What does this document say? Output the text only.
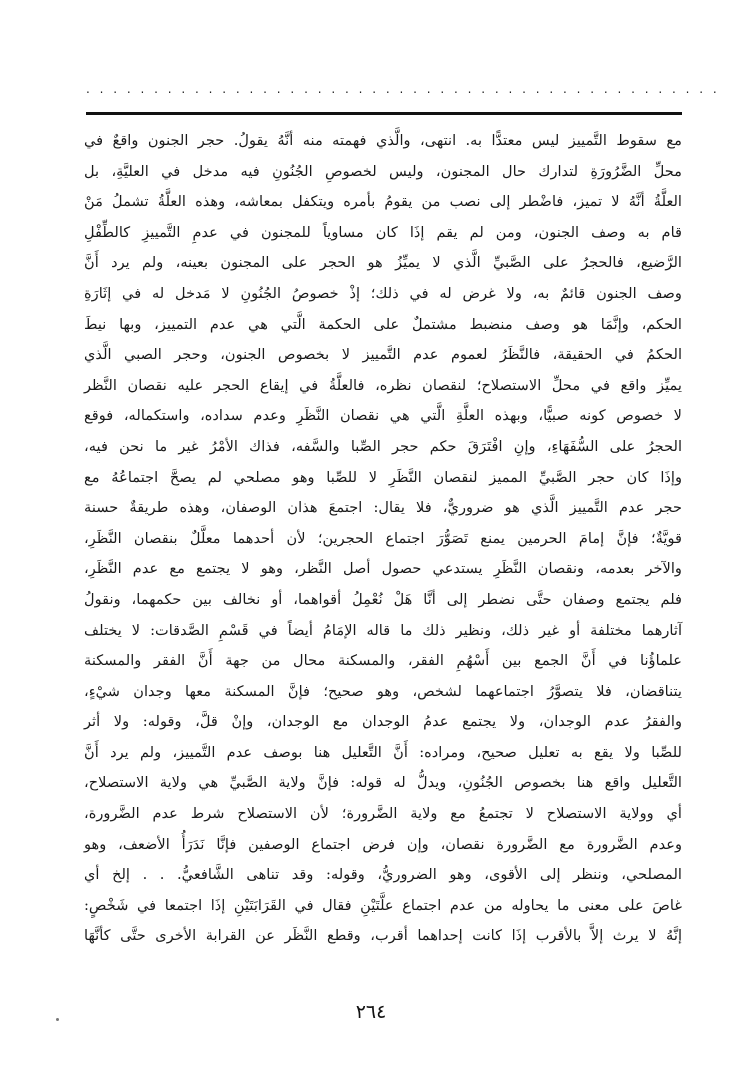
. . . . . . . . . . . . . . . . . . . . . . . . . . . . . . . . . . . . . . . . . . . . . . .
مع سقوط التَّمييز ليس معتدًّا به. انتهى، والَّذي فهمته منه أنَّهُ يقولُ. حجر الجنون واقعٌ في
محلِّ الضَّرُورَةِ لتدارك حال المجنون، وليس لخصوصِ الجُنُونِ فيه مدخل في العليَّةِ، بل
العلَّةُ أنَّهُ لا تميز، فاضْطر إلى نصب من يقومُ بأمره ويتكفل بمعاشه، وهذه العلَّةُ تشملُ مَنْ
قام به وصف الجنون، ومن لم يقم إذَا كان مساوياً للمجنون في عدمِ التَّمييزِ كالطِّفْلِ
الرَّضيع، فالحجرُ على الصَّبيِّ الَّذي لا يميِّزُ هو الحجر على المجنون بعينه، ولم يرد أَنَّ
وصف الجنون قائمٌ به، ولا غرض له في ذلك؛ إذْ خصوصُ الجُنُونِ لا مَدخل له في إثَارَةِ
الحكم، وإنَّمَا هو وصف منضبط مشتملٌ على الحكمة الَّتي هي عدم التمييز، وبها نيطَ
الحكمُ في الحقيقة، فالنَّظَرُ لعموم عدم التَّمييز لا بخصوص الجنون، وحجر الصبي الَّذي
يميِّز واقع في محلِّ الاستصلاح؛ لنقصان نظره، فالعلَّةُ في إيقاع الحجر عليه نقصان النَّظر
لا خصوص كونه صبيًّا، وبهذه العلَّةِ الَّتي هي نقصان النَّظَرِ وعدم سداده، واستكماله، فوقع
الحجرُ على السُّفَهَاءِ، وإنِ افْتَرَقَ حكم حجر الصِّبا والسَّفه، فذاك الأمْرُ غير ما نحن فيه،
وإذَا كان حجر الصَّبيِّ المميز لنقصان النَّظَرِ لا للصِّبا وهو مصلحي لم يصحَّ اجتماعُهُ مع
حجر عدم التَّمييز الَّذي هو ضروريٌّ، فلا يقال: اجتمعَ هذان الوصفان، وهذه طريقةٌ حسنة
قويَّةٌ؛ فإنَّ إمامَ الحرمين يمنع تَصَوُّرَ اجتماع الحجرين؛ لأن أحدهما معلَّلٌ بنقصان النَّظَرِ،
والآخر بعدمه، ونقصان النَّظَرِ يستدعي حصول أصل النَّظر، وهو لا يجتمع مع عدم النَّظَرِ،
فلم يجتمع وصفان حتَّى نضطر إلى أنَّا هَلْ نُعْمِلُ أقواهما، أو نخالف بين حكمهما، ونقولُ
آثارهما مختلفة أو غير ذلك، ونظير ذلك ما قاله الإمَامُ أيضاً في قَسْمِ الصَّدقات: لا يختلف
علماؤُنا في أَنَّ الجمع بين أَسْهُمِ الفقر، والمسكنة محال من جهة أَنَّ الفقر والمسكنة
يتناقضان، فلا يتصوَّرُ اجتماعهما لشخص، وهو صحيح؛ فإنَّ المسكنة معها وجدان شيْءٍ،
والفقرُ عدم الوجدان، ولا يجتمع عدمُ الوجدان مع الوجدان، وإنْ قلَّ، وقوله: ولا أثر
للصِّبا ولا يقع به تعليل صحيح، ومراده: أَنَّ التَّعليل هنا بوصف عدم التَّمييز، ولم يرد أَنَّ
التَّعليل واقع هنا بخصوص الجُنُونِ، ويدلُّ له قوله: فإنَّ ولاية الصَّبيِّ هي ولاية الاستصلاح،
أي وولاية الاستصلاح لا تجتمعُ مع ولاية الضَّرورة؛ لأن الاستصلاح شرط عدم الضَّرورة،
وعدم الضَّرورة مع الضَّرورة نقصان، وإن فرض اجتماع الوصفين فإنَّا نَدَرَأُ الأضعف، وهو
المصلحي، وننظر إلى الأقوى، وهو الضروريُّ، وقوله: وقد تناهى الشَّافعيُّ. . . إلخ أي
غاصَ على معنى ما يحاوله من عدم اجتماع علَّتَيْنِ فقال في القَرَابَتَيْنِ إذَا اجتمعا في شَخْصٍ:
إنَّهُ لا يرث إلاَّ بالأقرب إذَا كانت إحداهما أقرب، وقطع النَّظَر عن القرابة الأخرى حتَّى كأنَّهَا
٢٦٤
